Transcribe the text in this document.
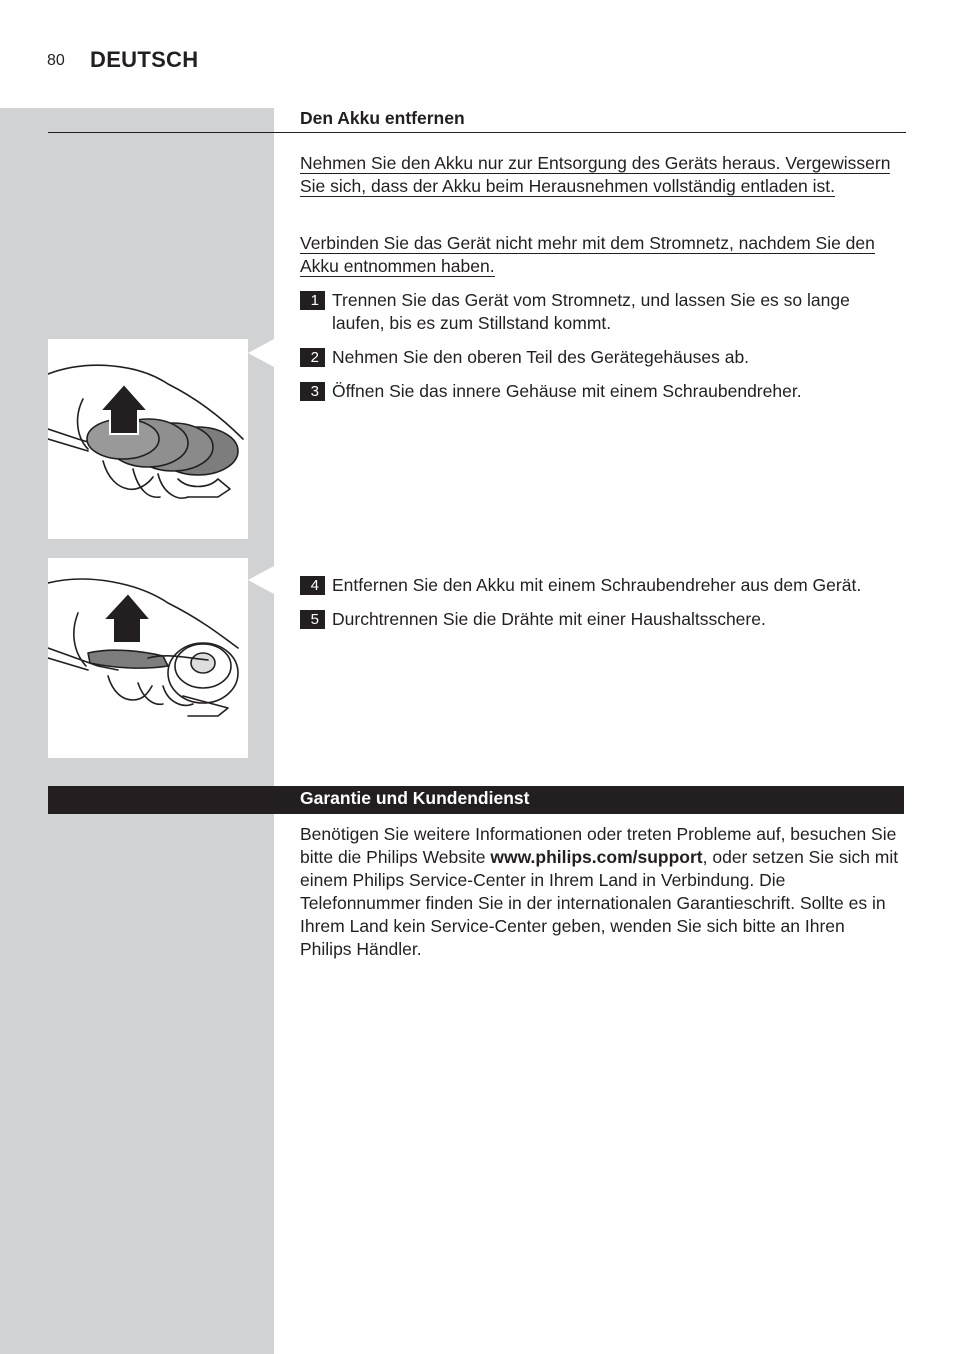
80 DEUTSCH
Den Akku entfernen
Nehmen Sie den Akku nur zur Entsorgung des Geräts heraus. Vergewissern Sie sich, dass der Akku beim Herausnehmen vollständig entladen ist.
Verbinden Sie das Gerät nicht mehr mit dem Stromnetz, nachdem Sie den Akku entnommen haben.
1 Trennen Sie das Gerät vom Stromnetz, und lassen Sie es so lange laufen, bis es zum Stillstand kommt.
2 Nehmen Sie den oberen Teil des Gerätegehäuses ab.
3 Öffnen Sie das innere Gehäuse mit einem Schraubendreher.
4 Entfernen Sie den Akku mit einem Schraubendreher aus dem Gerät.
5 Durchtrennen Sie die Drähte mit einer Haushaltsschere.
Garantie und Kundendienst
Benötigen Sie weitere Informationen oder treten Probleme auf, besuchen Sie bitte die Philips Website www.philips.com/support, oder setzen Sie sich mit einem Philips Service-Center in Ihrem Land in Verbindung. Die Telefonnummer finden Sie in der internationalen Garantieschrift. Sollte es in Ihrem Land kein Service-Center geben, wenden Sie sich bitte an Ihren Philips Händler.
